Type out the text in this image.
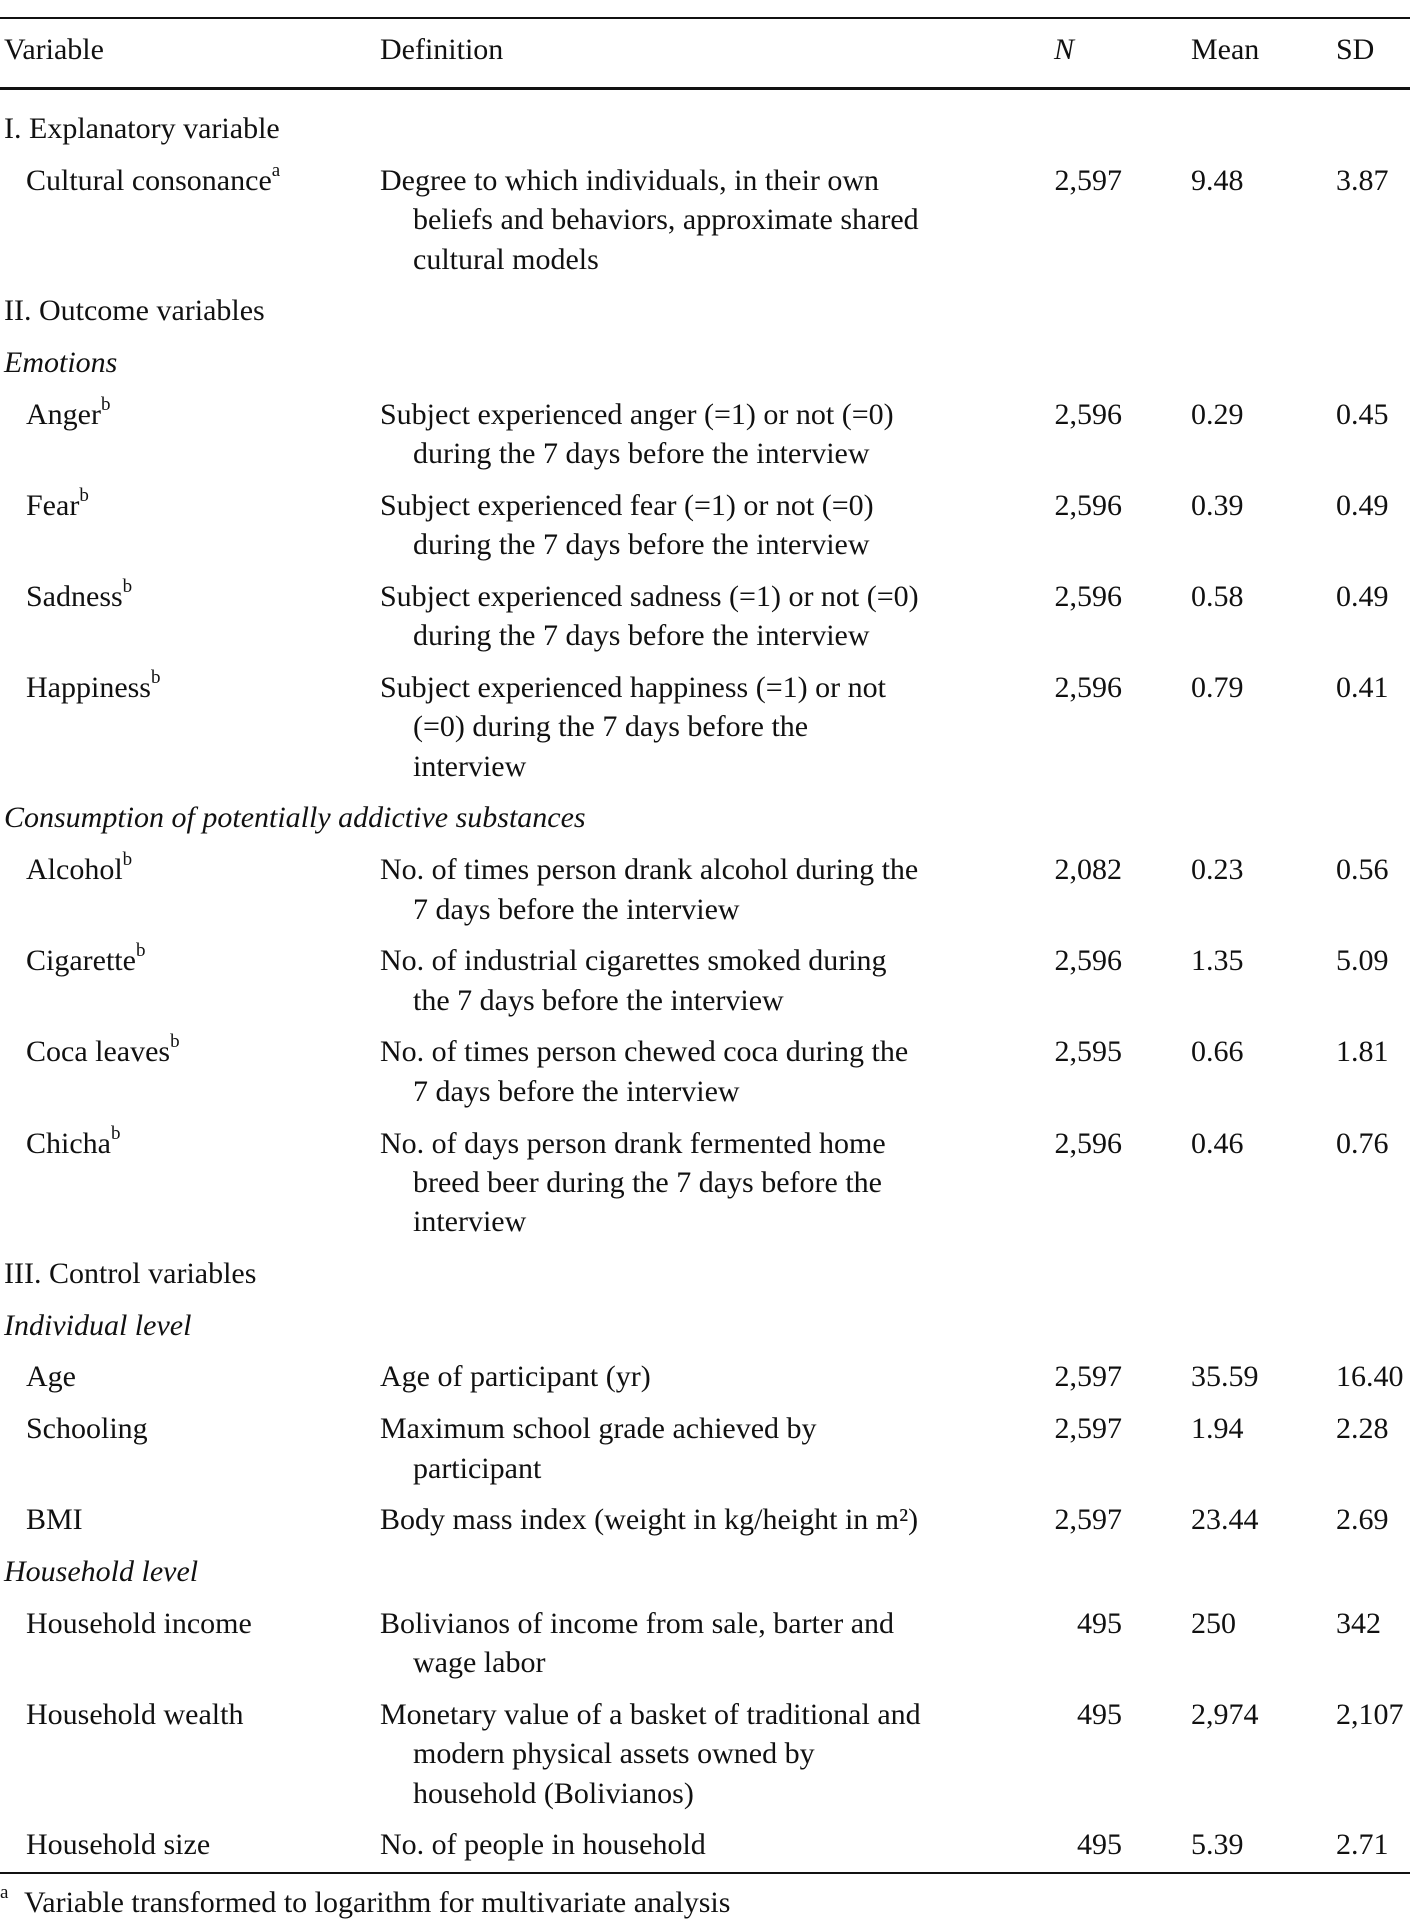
Variable	Definition	N	Mean	SD
I. Explanatory variable
Cultural consonance$^a$	Degree to which individuals, in their own
beliefs and behaviors, approximate shared
cultural models
2,597 9.48	3.87
II. Outcome variables
Emotions
Anger$^b$	Subject experienced anger (=1) or not (=0)
during the 7 days before the interview
2,596 0.29	0.45
Fear$^b$	Subject experienced fear (=1) or not (=0)
during the 7 days before the interview
2,596 0.39	0.49
Sadness$^b$	Subject experienced sadness (=1) or not (=0)
during the 7 days before the interview
2,596 0.58	0.49
Happiness$^b$	Subject experienced happiness (=1) or not
(=0) during the 7 days before the
interview
2,596 0.79	0.41
Consumption of potentially addictive substances
Alcohol$^b$	No. of times person drank alcohol during the
7 days before the interview
2,082 0.23	0.56
Cigarette$^b$	No. of industrial cigarettes smoked during
the 7 days before the interview
2,596 1.35	5.09
Coca leaves$^b$	No. of times person chewed coca during the
7 days before the interview
2,595 0.66	1.81
Chicha$^b$	No. of days person drank fermented home
breed beer during the 7 days before the
interview
2,596 0.46	0.76
III. Control variables
Individual level
Age	Age of participant (yr)	2,597 35.59	16.40
Schooling	Maximum school grade achieved by
participant
2,597 1.94	2.28
BMI	Body mass index (weight in kg/height in m²)	2,597 23.44	2.69
Household level
Household income	Bolivianos of income from sale, barter and
wage labor
495 250	342
Household wealth	Monetary value of a basket of traditional and
modern physical assets owned by
household (Bolivianos)
495 2,974	2,107
Household size	No. of people in household	495 5.39	2.71
$^a$ Variable transformed to logarithm for multivariate analysis
